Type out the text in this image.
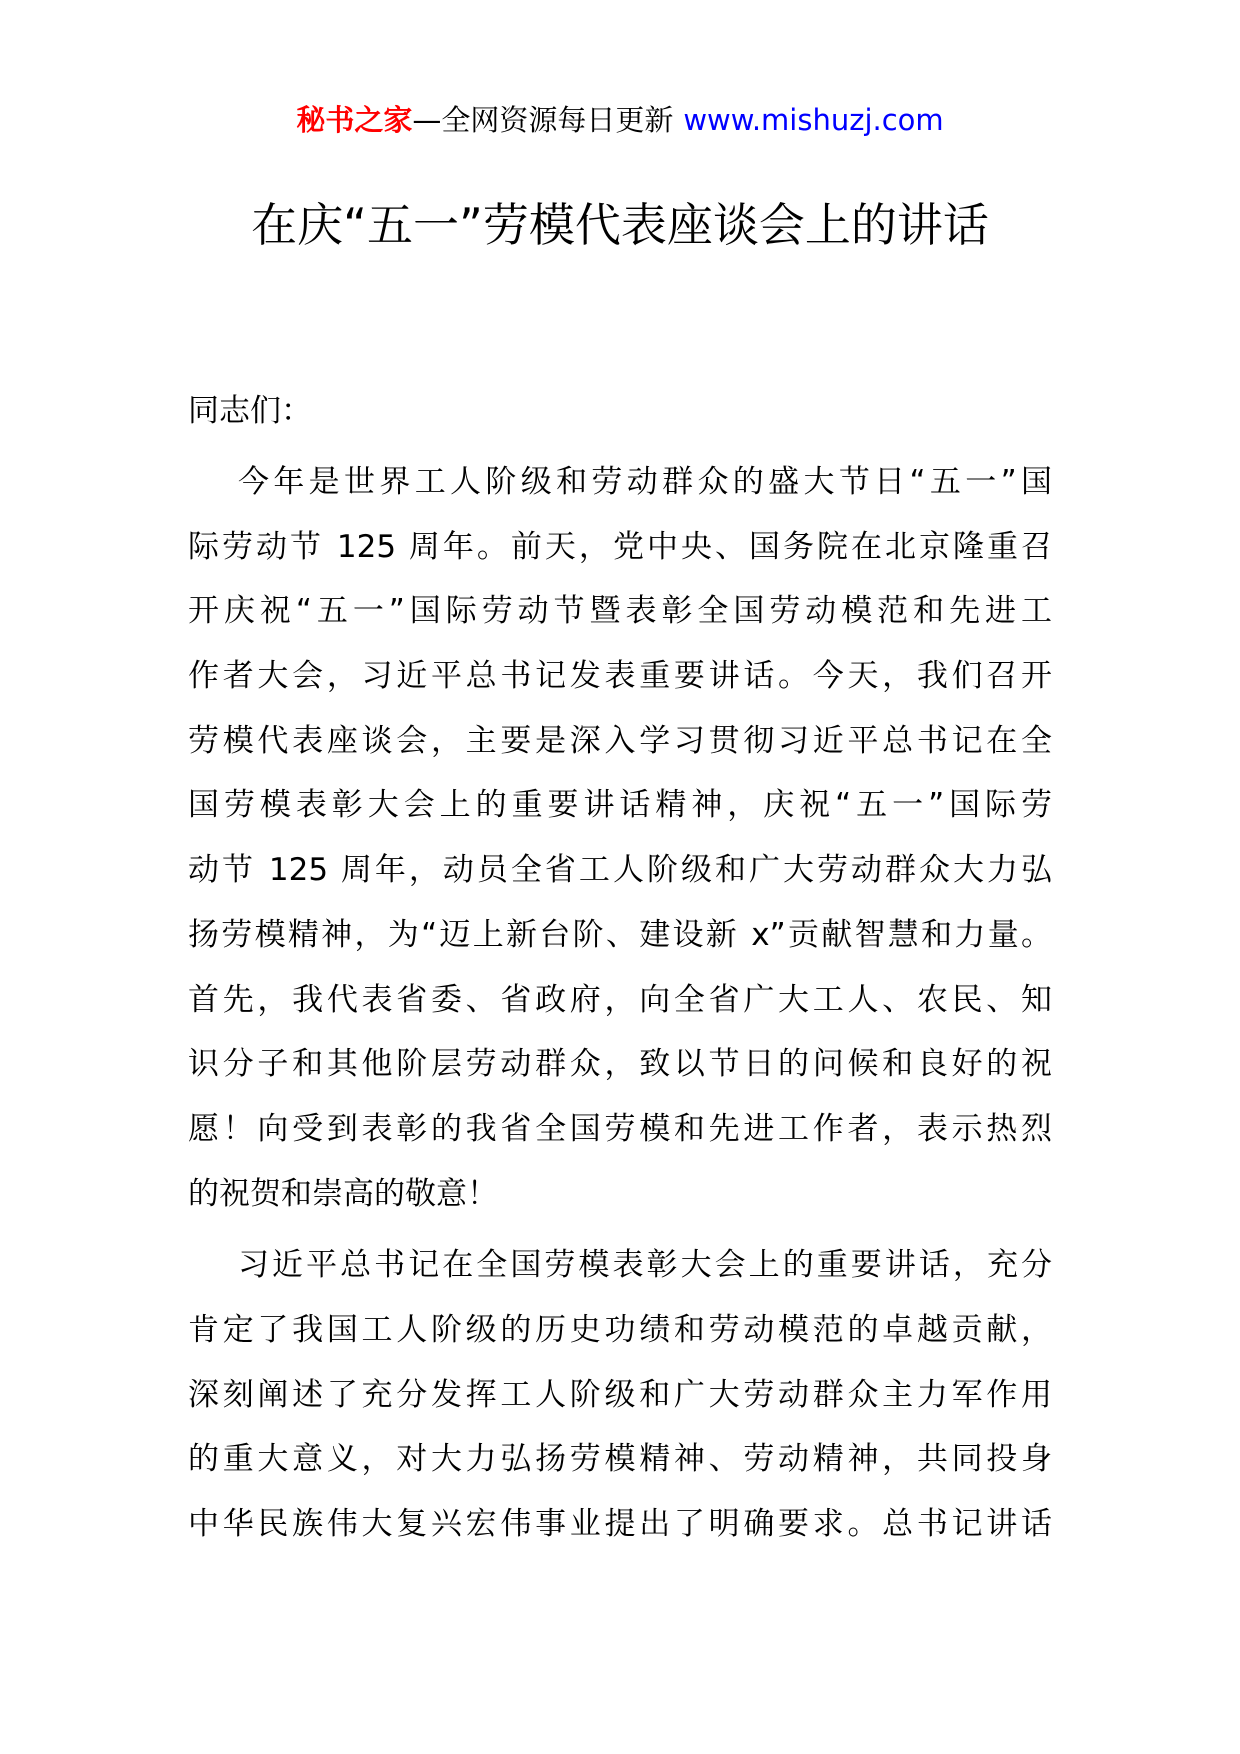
秘书之家—全网资源每日更新 www.mishuzj.com
在庆“五一”劳模代表座谈会上的讲话

同志们：

今年是世界工人阶级和劳动群众的盛大节日“五一”国
际劳动节 125 周年。前天，党中央、国务院在北京隆重召
开庆祝“五一”国际劳动节暨表彰全国劳动模范和先进工
作者大会，习近平总书记发表重要讲话。今天，我们召开
劳模代表座谈会，主要是深入学习贯彻习近平总书记在全
国劳模表彰大会上的重要讲话精神，庆祝“五一”国际劳
动节 125 周年，动员全省工人阶级和广大劳动群众大力弘
扬劳模精神，为“迈上新台阶、建设新 x”贡献智慧和力量。
首先，我代表省委、省政府，向全省广大工人、农民、知
识分子和其他阶层劳动群众，致以节日的问候和良好的祝
愿！向受到表彰的我省全国劳模和先进工作者，表示热烈
的祝贺和崇高的敬意！
习近平总书记在全国劳模表彰大会上的重要讲话，充分
肯定了我国工人阶级的历史功绩和劳动模范的卓越贡献，
深刻阐述了充分发挥工人阶级和广大劳动群众主力军作用
的重大意义，对大力弘扬劳模精神、劳动精神，共同投身
中华民族伟大复兴宏伟事业提出了明确要求。总书记讲话
